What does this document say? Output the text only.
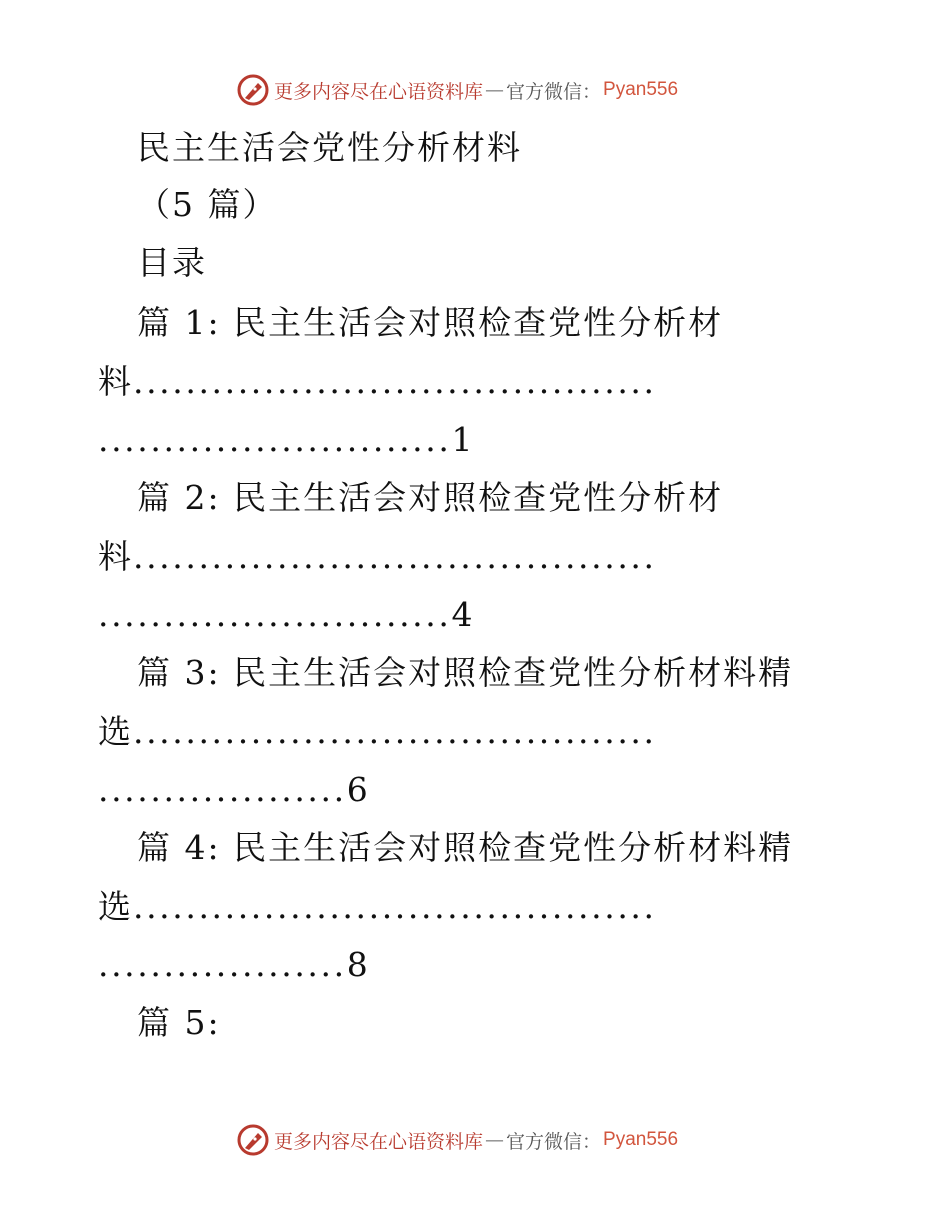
更多内容尽在心语资料库 — 官方微信： Pyan556
民主生活会党性分析材料
（5 篇）
目录
篇 1: 民主生活会对照检查党性分析材
料........................................
...........................1
篇 2: 民主生活会对照检查党性分析材
料........................................
...........................4
篇 3: 民主生活会对照检查党性分析材料精
选........................................
...................6
篇 4: 民主生活会对照检查党性分析材料精
选........................................
...................8
篇 5:
更多内容尽在心语资料库 — 官方微信： Pyan556
